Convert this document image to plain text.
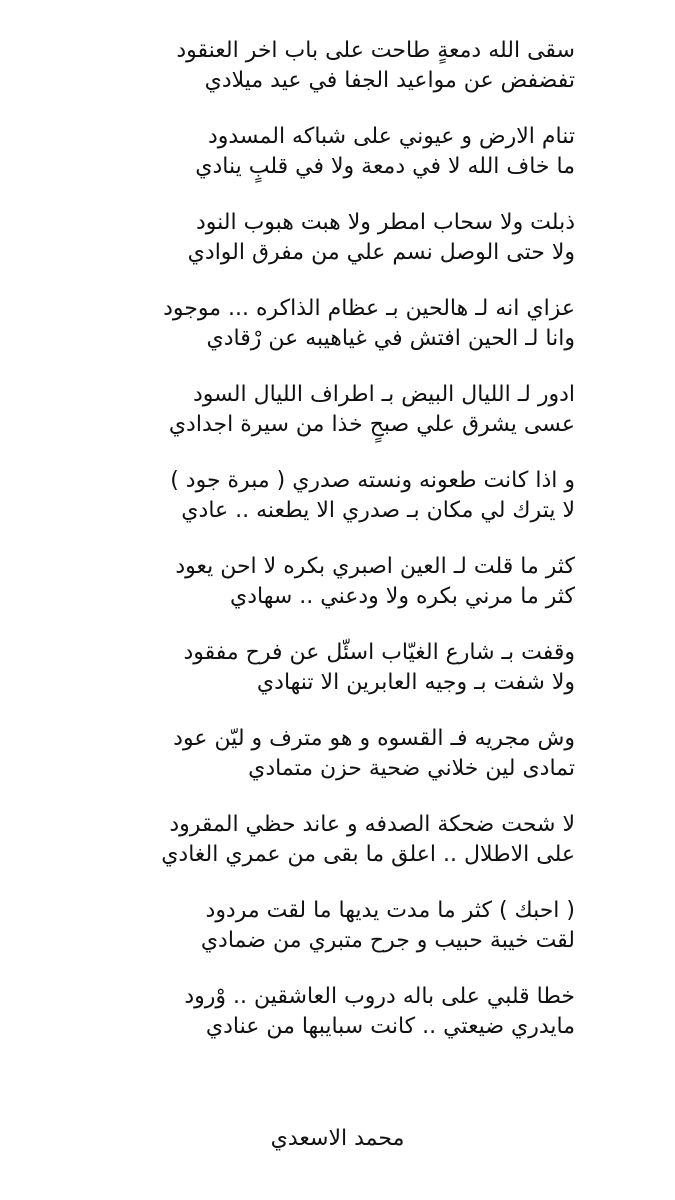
سقى الله دمعةٍ طاحت على باب اخر العنقود
تفضفض عن مواعيد الجفا في عيد ميلادي
تنام الارض و عيوني على شباكه المسدود
ما خاف الله لا في دمعة ولا في قلبٍ ينادي
ذبلت ولا سحاب امطر ولا هبت هبوب النود
ولا حتى الوصل نسم علي من مفرق الوادي
عزاي انه لـ هالحين بـ عظام الذاكره ... موجود
وانا لـ الحين افتش في غياهيبه عن رْقادي
ادور لـ الليال البيض بـ اطراف الليال السود
عسى يشرق علي صبحٍ خذا من سيرة اجدادي
و اذا كانت طعونه ونسته صدري ( مبرة جود )
لا يترك لي مكان بـ صدري الا يطعنه .. عادي
كثر ما قلت لـ العين اصبري بكره لا احن يعود
كثر ما مرني بكره ولا ودعني .. سهادي
وقفت بـ شارع الغيّاب اسئّل عن فرح مفقود
ولا شفت بـ وجيه العابرين الا تنهادي
وش مجريه فـ القسوه و هو مترف و ليّن عود
تمادى لين خلاني ضحية حزن متمادي
لا شحت ضحكة الصدفه و عاند حظي المقرود
على الاطلال .. اعلق ما بقى من عمري الغادي
( احبك ) كثر ما مدت يديها ما لقت مردود
لقت خيبة حبيب و جرح متبري من ضمادي
خطا قلبي على باله دروب العاشقين .. وْرود
مايدري ضيعتي .. كانت سبايبها من عنادي
محمد الاسعدي
